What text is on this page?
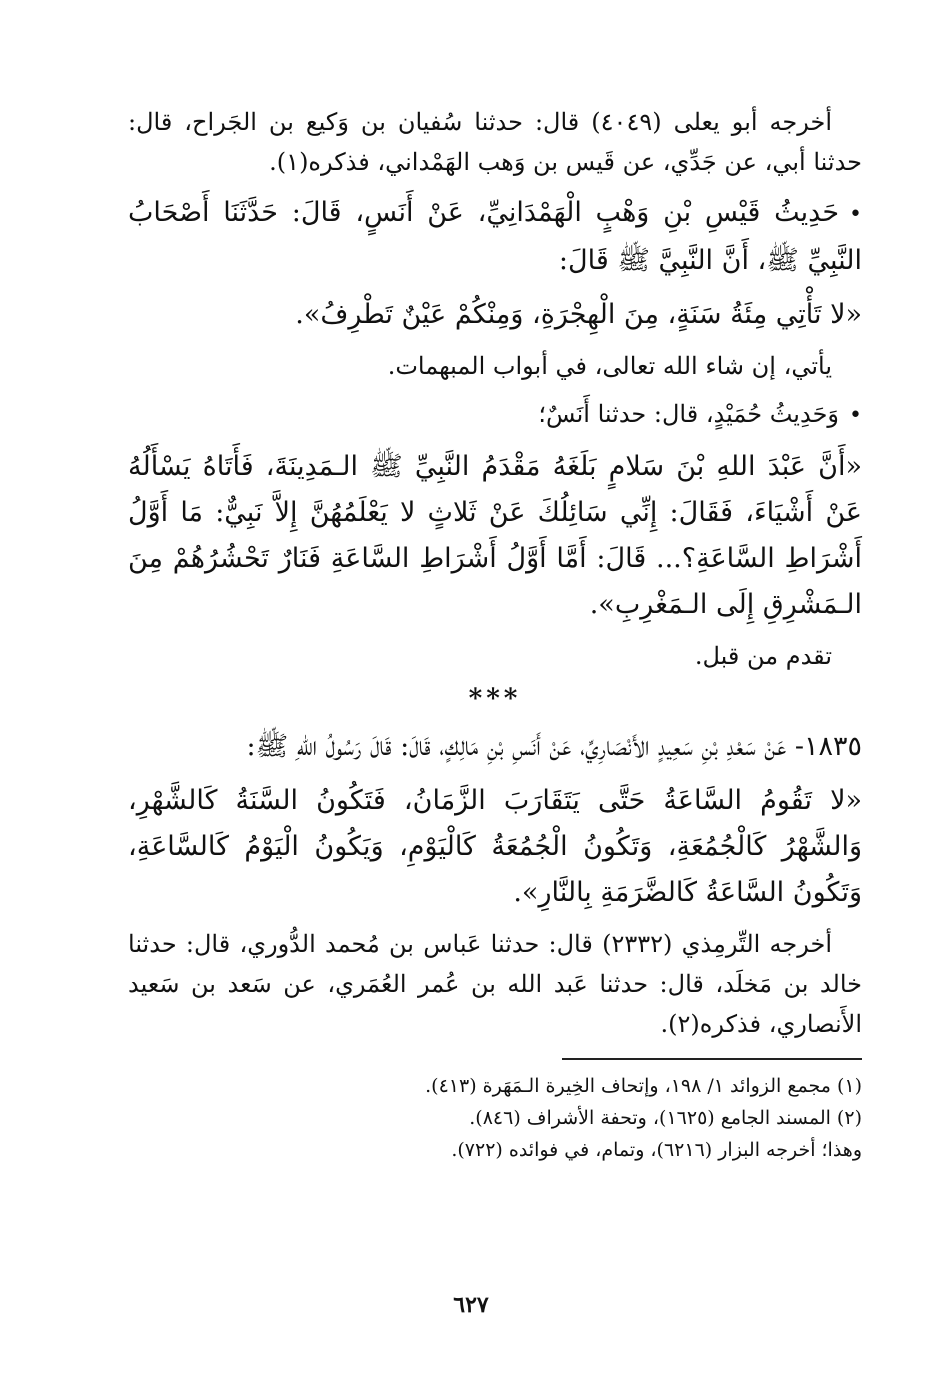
أخرجه أبو يعلى (٤٠٤٩) قال: حدثنا سُفيان بن وَكيع بن الجَراح، قال: حدثنا أبي، عن جَدِّي، عن قَيس بن وَهب الهَمْداني، فذكره(١).
• حَدِيثُ قَيْسِ بْنِ وَهْبٍ الْهَمْدَانِيِّ، عَنْ أَنَسٍ، قَالَ: حَدَّثَنَا أَصْحَابُ النَّبِيِّ ﷺ، أَنَّ النَّبِيَّ ﷺ قَالَ:
«لا تَأْتِي مِئَةُ سَنَةٍ، مِنَ الْهِجْرَةِ، وَمِنْكُمْ عَيْنٌ تَطْرِفُ».
يأتي، إن شاء الله تعالى، في أبواب المبهمات.
• وَحَدِيثُ حُمَيْدٍ، قال: حدثنا أَنَسٌ؛
«أَنَّ عَبْدَ اللهِ بْنَ سَلامٍ بَلَغَهُ مَقْدَمُ النَّبِيِّ ﷺ الـمَدِينَةَ، فَأَتَاهُ يَسْأَلُهُ عَنْ أَشْيَاءَ، فَقَالَ: إِنِّي سَائِلُكَ عَنْ ثَلاثٍ لا يَعْلَمُهُنَّ إِلاَّ نَبِيٌّ: مَا أَوَّلُ أَشْرَاطِ السَّاعَةِ؟... قَالَ: أَمَّا أَوَّلُ أَشْرَاطِ السَّاعَةِ فَنَارٌ تَحْشُرُهُمْ مِنَ الـمَشْرِقِ إِلَى الـمَغْرِبِ».
تقدم من قبل.
***
١٨٣٥- عَنْ سَعْدِ بْنِ سَعِيدٍ الأَنْصَارِيِّ، عَنْ أَنَسِ بْنِ مَالِكٍ، قَالَ: قَالَ رَسُولُ اللهِ ﷺ:
«لا تَقُومُ السَّاعَةُ حَتَّى يَتَقَارَبَ الزَّمَانُ، فَتَكُونُ السَّنَةُ كَالشَّهْرِ، وَالشَّهْرُ كَالْجُمُعَةِ، وَتَكُونُ الْجُمُعَةُ كَالْيَوْمِ، وَيَكُونُ الْيَوْمُ كَالسَّاعَةِ، وَتَكُونُ السَّاعَةُ كَالضَّرَمَةِ بِالنَّارِ».
أخرجه التِّرمِذي (٢٣٣٢) قال: حدثنا عَباس بن مُحمد الدُّوري، قال: حدثنا خالد بن مَخلَد، قال: حدثنا عَبد الله بن عُمر العُمَري، عن سَعد بن سَعيد الأَنصاري، فذكره(٢).
(١) مجمع الزوائد ١/ ١٩٨، وإتحاف الخِيرة الـمَهَرة (٤١٣).
(٢) المسند الجامع (١٦٢٥)، وتحفة الأشراف (٨٤٦).
وهذا؛ أخرجه البزار (٦٢١٦)، وتمام، في فوائده (٧٢٢).
٦٢٧
